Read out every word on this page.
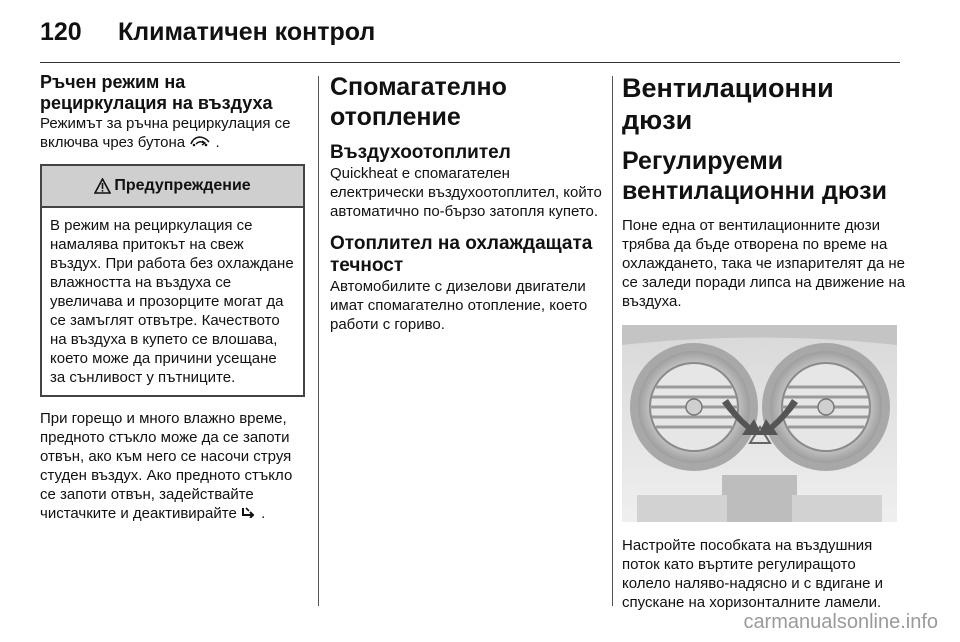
120 Климатичен контрол

Ръчен режим на рециркулация на въздуха

Режимът за ръчна рециркулация се включва чрез бутона .

Предупреждение

В режим на рециркулация се намалява притокът на свеж въздух. При работа без охлаждане влажността на въздуха се увеличава и прозорците могат да се замъглят отвътре. Качеството на въздуха в купето се влошава, което може да причини усещане за сънливост у пътниците.

При горещо и много влажно време, предното стъкло може да се запоти отвън, ако към него се насочи струя студен въздух. Ако предното стъкло се запоти отвън, задействайте чистачките и деактивирайте .

Спомагателно отопление

Въздухоотоплител

Quickheat е спомагателен електрически въздухоотоплител, който автоматично по-бързо затопля купето.

Отоплител на охлаждащата течност

Автомобилите с дизелови двигатели имат спомагателно отопление, което работи с гориво.

Вентилационни дюзи

Регулируеми вентилационни дюзи

Поне една от вентилационните дюзи трябва да бъде отворена по време на охлаждането, така че изпарителят да не се заледи поради липса на движение на въздуха.

Настройте пособката на въздушния поток като въртите регулиращото колело наляво-надясно и с вдигане и спускане на хоризонталните ламели.

carmanualsonline.info
